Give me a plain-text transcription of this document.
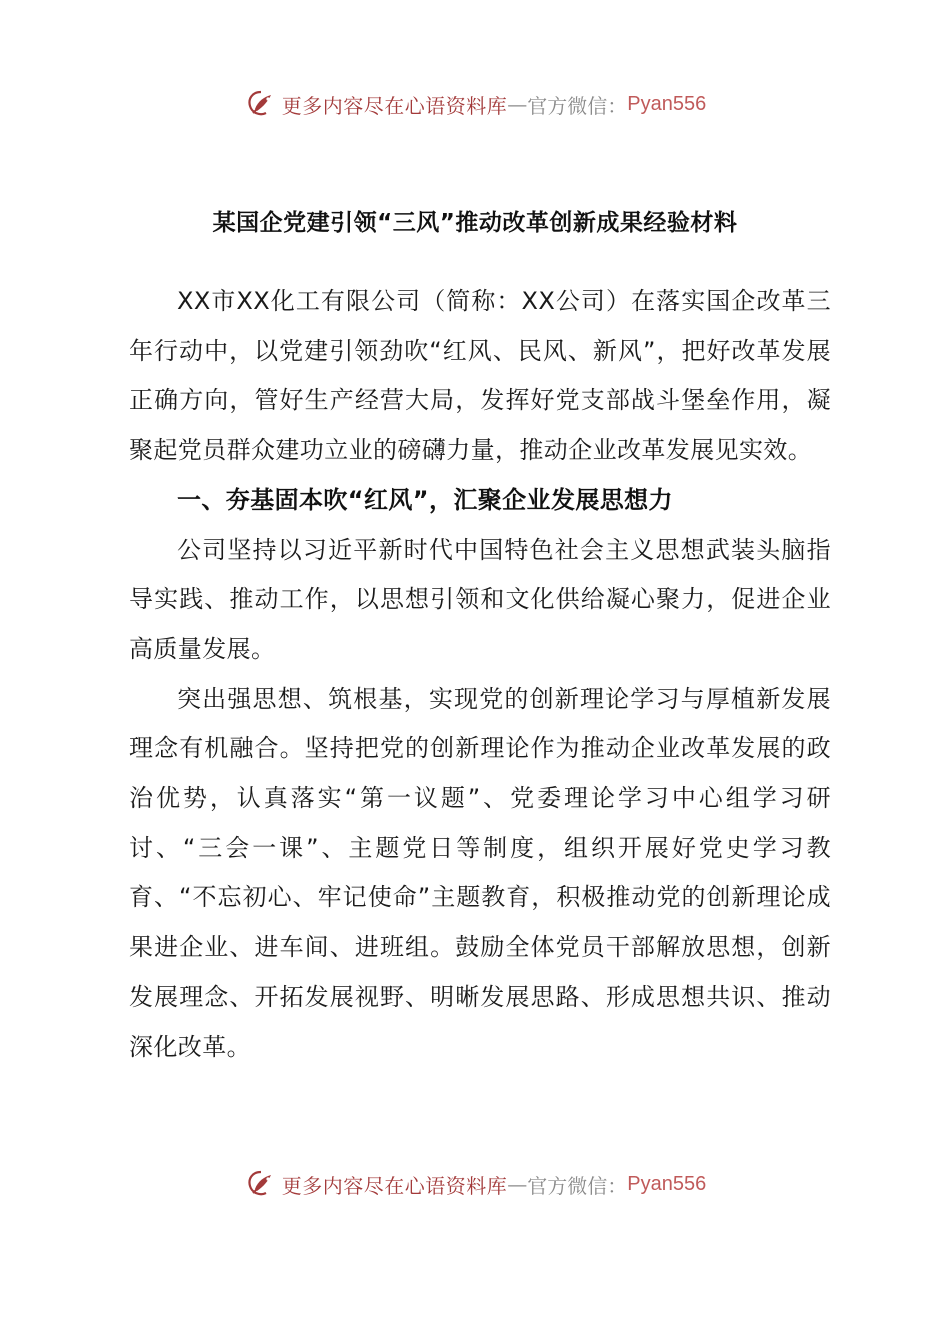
更多内容尽在心语资料库 — 官方微信： Pyan556
某国企党建引领“三风”推动改革创新成果经验材料

XX市XX化工有限公司（简称：XX公司）在落实国企改革三年行动中，以党建引领劲吹“红风、民风、新风”，把好改革发展正确方向，管好生产经营大局，发挥好党支部战斗堡垒作用，凝聚起党员群众建功立业的磅礴力量，推动企业改革发展见实效。

一、夯基固本吹“红风”，汇聚企业发展思想力

公司坚持以习近平新时代中国特色社会主义思想武装头脑指导实践、推动工作，以思想引领和文化供给凝心聚力，促进企业高质量发展。

突出强思想、筑根基，实现党的创新理论学习与厚植新发展理念有机融合。坚持把党的创新理论作为推动企业改革发展的政治优势，认真落实“第一议题”、党委理论学习中心组学习研讨、“三会一课”、主题党日等制度，组织开展好党史学习教育、“不忘初心、牢记使命”主题教育，积极推动党的创新理论成果进企业、进车间、进班组。鼓励全体党员干部解放思想，创新发展理念、开拓发展视野、明晰发展思路、形成思想共识、推动深化改革。

更多内容尽在心语资料库 — 官方微信： Pyan556
